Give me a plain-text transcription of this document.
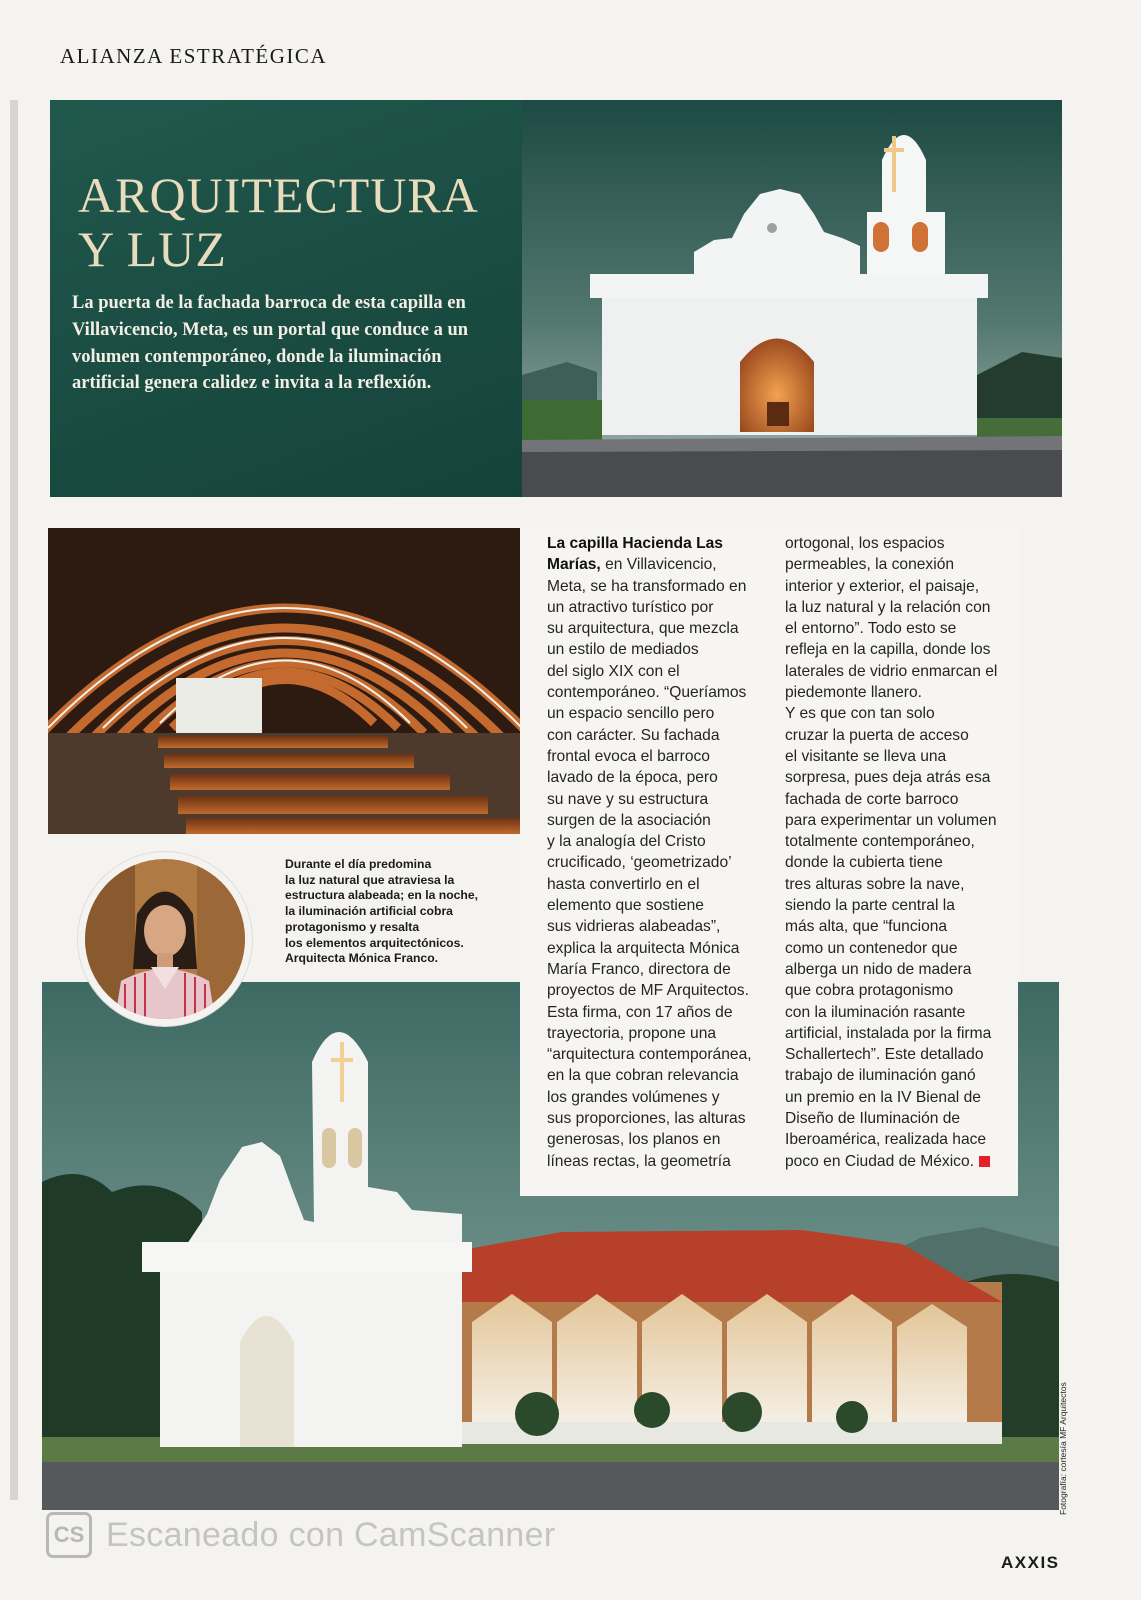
ALIANZA ESTRATÉGICA
ARQUITECTURA
Y LUZ

La puerta de la fachada barroca de esta capilla en Villavicencio, Meta, es un portal que conduce a un volumen contemporáneo, donde la iluminación artificial genera calidez e invita a la reflexión.

La capilla Hacienda Las
Marías, en Villavicencio,
Meta, se ha transformado en
un atractivo turístico por
su arquitectura, que mezcla
un estilo de mediados
del siglo XIX con el
contemporáneo. “Queríamos
un espacio sencillo pero
con carácter. Su fachada
frontal evoca el barroco
lavado de la época, pero
su nave y su estructura
surgen de la asociación
y la analogía del Cristo
crucificado, ‘geometrizado’
hasta convertirlo en el
elemento que sostiene
sus vidrieras alabeadas”,
explica la arquitecta Mónica
María Franco, directora de
proyectos de MF Arquitectos.
Esta firma, con 17 años de
trayectoria, propone una
“arquitectura contemporánea,
en la que cobran relevancia
los grandes volúmenes y
sus proporciones, las alturas
generosas, los planos en
líneas rectas, la geometría

ortogonal, los espacios
permeables, la conexión
interior y exterior, el paisaje,
la luz natural y la relación con
el entorno”. Todo esto se
refleja en la capilla, donde los
laterales de vidrio enmarcan el
piedemonte llanero.
Y es que con tan solo
cruzar la puerta de acceso
el visitante se lleva una
sorpresa, pues deja atrás esa
fachada de corte barroco
para experimentar un volumen
totalmente contemporáneo,
donde la cubierta tiene
tres alturas sobre la nave,
siendo la parte central la
más alta, que “funciona
como un contenedor que
alberga un nido de madera
que cobra protagonismo
con la iluminación rasante
artificial, instalada por la firma
Schallertech”. Este detallado
trabajo de iluminación ganó
un premio en la IV Bienal de
Diseño de Iluminación de
Iberoamérica, realizada hace
poco en Ciudad de México.

Durante el día predomina
la luz natural que atraviesa la
estructura alabeada; en la noche,
la iluminación artificial cobra
protagonismo y resalta
los elementos arquitectónicos.
Arquitecta Mónica Franco.

Fotografía: cortesía MF Arquitectos
CS Escaneado con CamScanner
AXXIS
